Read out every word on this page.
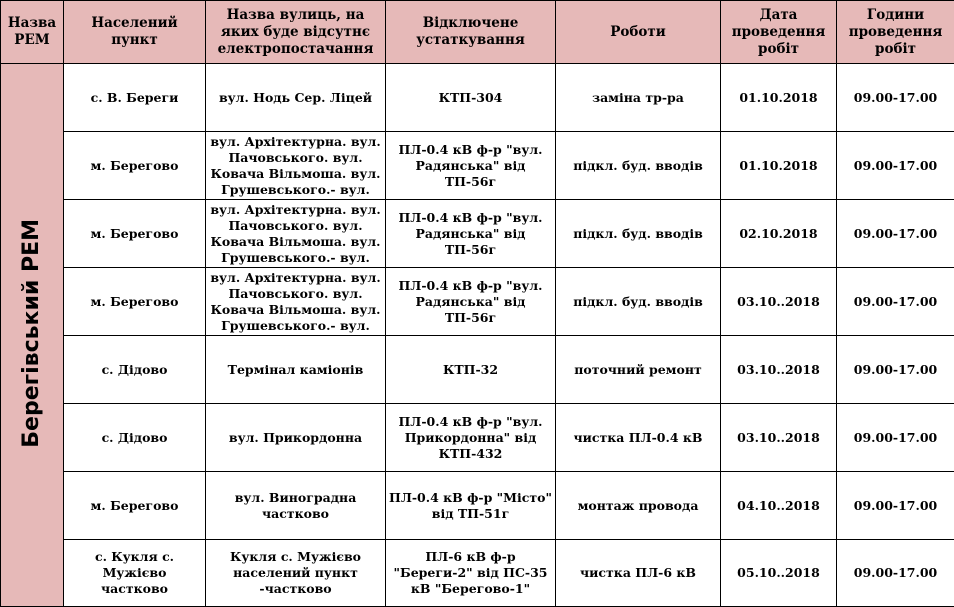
Назва РЕМ	Населений пункт	Назва вулиць, на яких буде відсутнє електропостачання	Відключене устаткування	Роботи	Дата проведення робіт	Години проведення робіт
Берегівський РЕМ	с. В. Береги	вул. Нодь Сер. Ліцей	КТП-304	заміна тр-ра	01.10.2018	09.00-17.00
	м. Берегово	вул. Архітектурна. вул. Пачовського. вул. Ковача Вільмоша. вул. Грушевського.- вул.	ПЛ-0.4 кВ ф-р "вул. Радянська" від ТП-56г	підкл. буд. вводів	01.10.2018	09.00-17.00
	м. Берегово	вул. Архітектурна. вул. Пачовського. вул. Ковача Вільмоша. вул. Грушевського.- вул.	ПЛ-0.4 кВ ф-р "вул. Радянська" від ТП-56г	підкл. буд. вводів	02.10.2018	09.00-17.00
	м. Берегово	вул. Архітектурна. вул. Пачовського. вул. Ковача Вільмоша. вул. Грушевського.- вул.	ПЛ-0.4 кВ ф-р "вул. Радянська" від ТП-56г	підкл. буд. вводів	03.10..2018	09.00-17.00
	с. Дідово	Термінал каміонів	КТП-32	поточний ремонт	03.10..2018	09.00-17.00
	с. Дідово	вул. Прикордонна	ПЛ-0.4 кВ ф-р "вул. Прикордонна" від КТП-432	чистка ПЛ-0.4 кВ	03.10..2018	09.00-17.00
	м. Берегово	вул. Виноградна частково	ПЛ-0.4 кВ ф-р "Місто" від ТП-51г	монтаж провода	04.10..2018	09.00-17.00
	с. Кукля с. Мужієво частково	Кукля с. Мужієво населений пункт -частково	ПЛ-6 кВ ф-р "Береги-2" від ПС-35 кВ "Берегово-1"	чистка ПЛ-6 кВ	05.10..2018	09.00-17.00
